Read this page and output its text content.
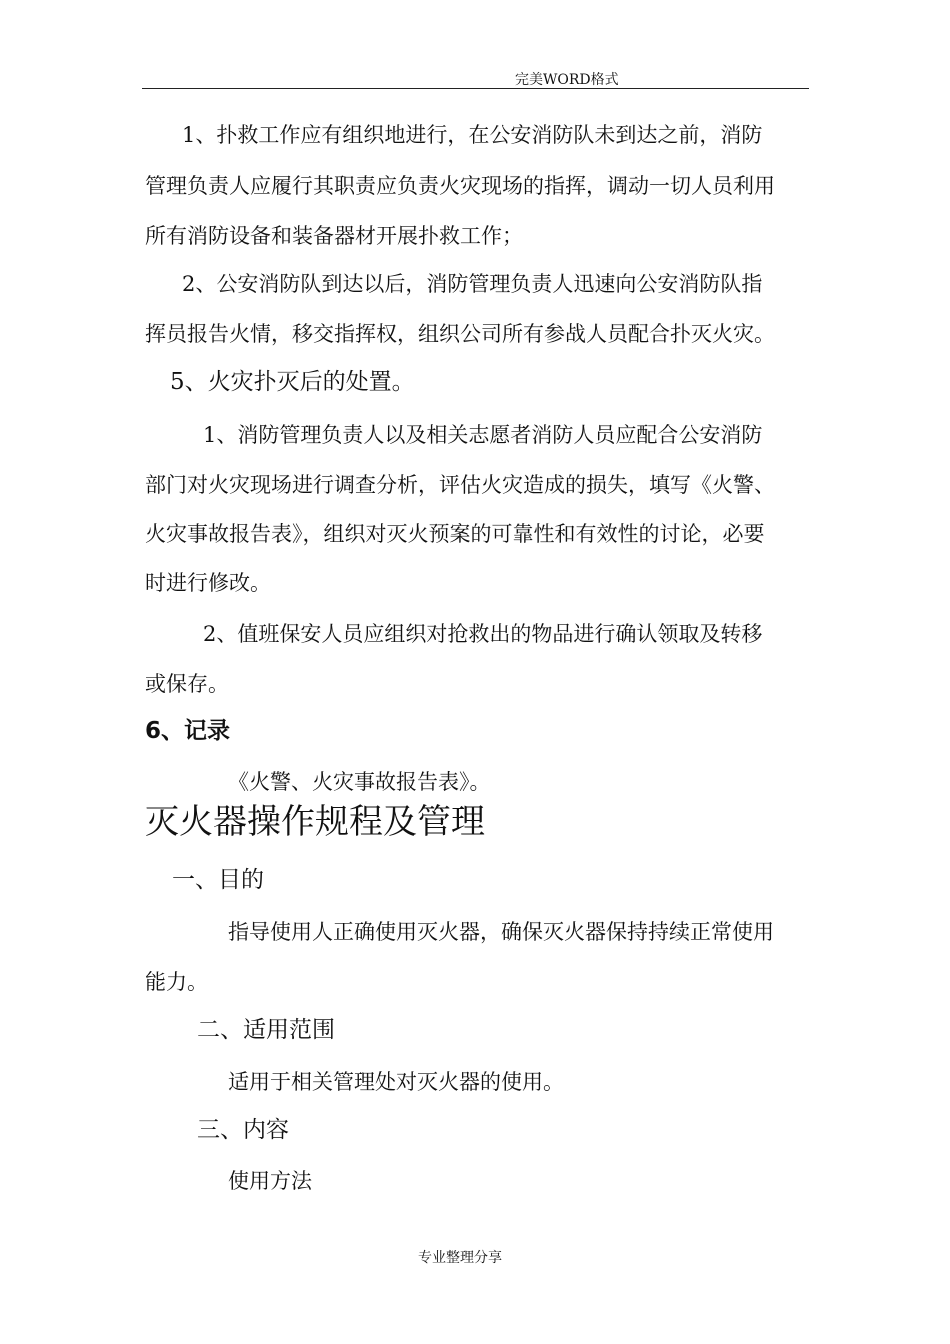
完美WORD格式
1、扑救工作应有组织地进行，在公安消防队未到达之前，消防
管理负责人应履行其职责应负责火灾现场的指挥，调动一切人员利用
所有消防设备和装备器材开展扑救工作；
2、公安消防队到达以后，消防管理负责人迅速向公安消防队指
挥员报告火情，移交指挥权，组织公司所有参战人员配合扑灭火灾。
5、火灾扑灭后的处置。
1、消防管理负责人以及相关志愿者消防人员应配合公安消防
部门对火灾现场进行调查分析，评估火灾造成的损失，填写《火警、
火灾事故报告表》，组织对灭火预案的可靠性和有效性的讨论，必要
时进行修改。
2、值班保安人员应组织对抢救出的物品进行确认领取及转移
或保存。
6、记录
《火警、火灾事故报告表》。
灭火器操作规程及管理
一、目的
指导使用人正确使用灭火器，确保灭火器保持持续正常使用
能力。
二、适用范围
适用于相关管理处对灭火器的使用。
三、内容
使用方法
专业整理分享
